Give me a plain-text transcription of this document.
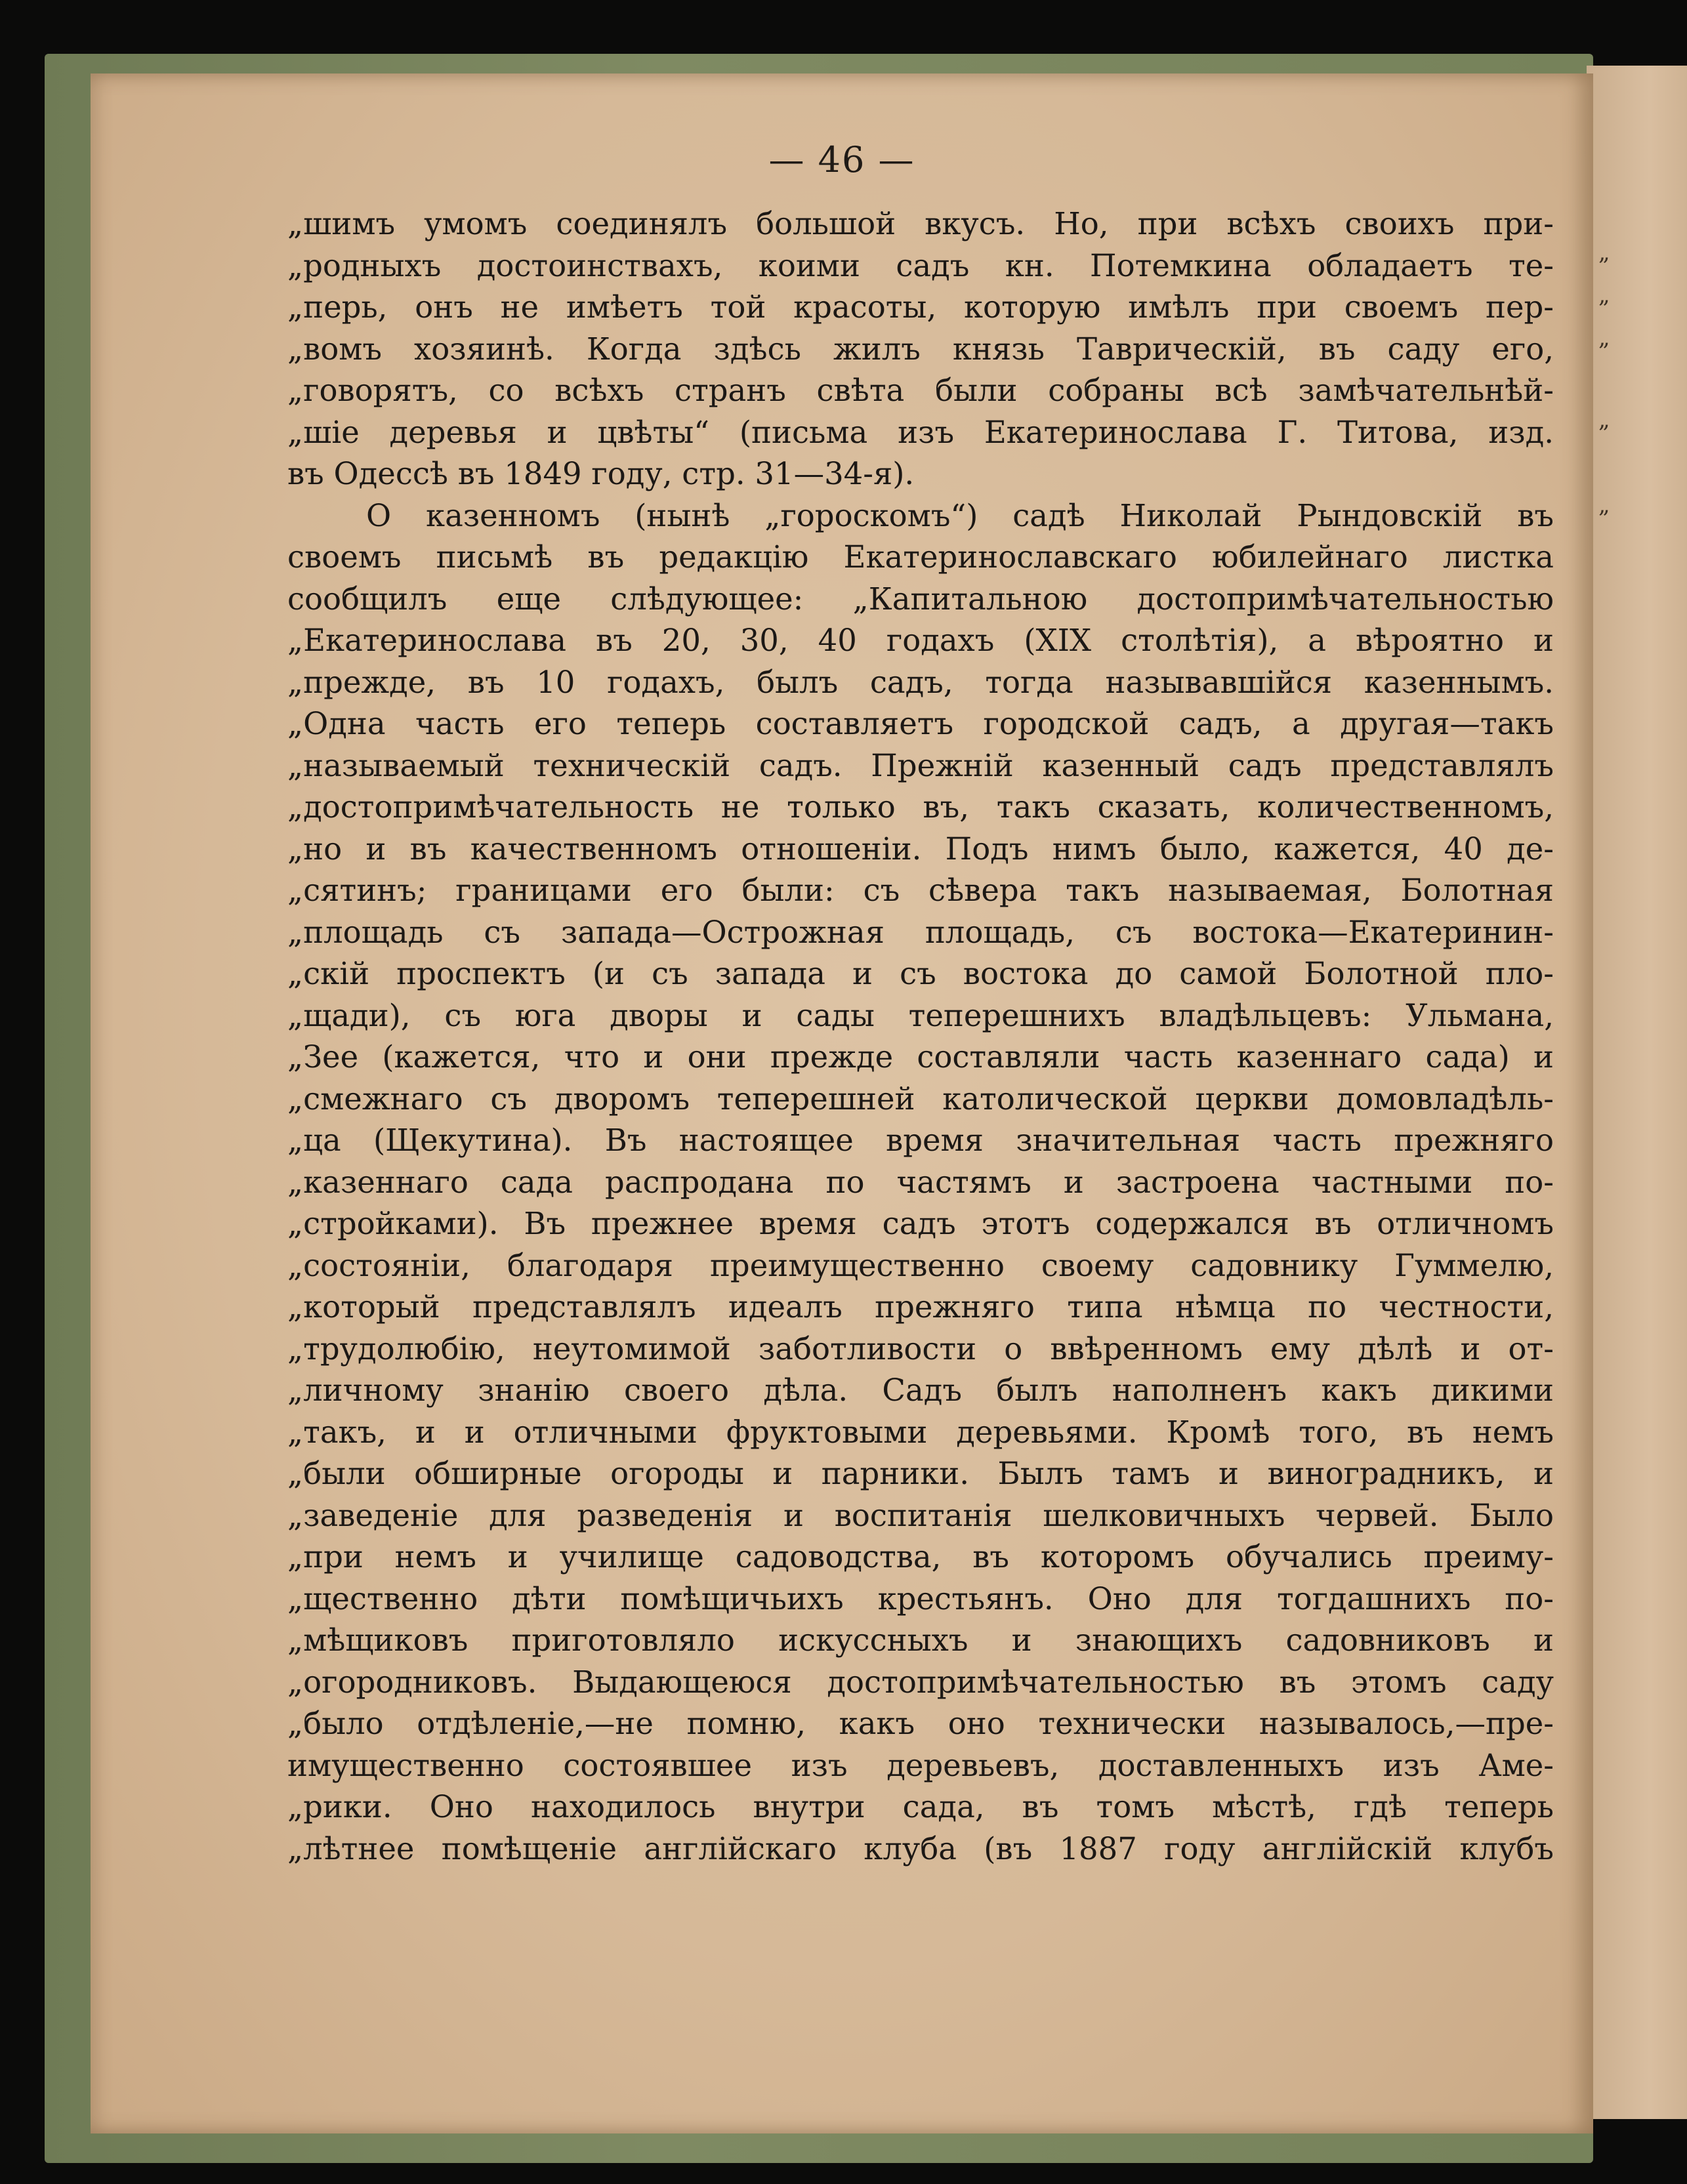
„
„
„
„
„
— 46 —
„шимъ умомъ соединялъ большой вкусъ. Но, при всѣхъ своихъ при-
„родныхъ достоинствахъ, коими садъ кн. Потемкина обладаетъ те-
„перь, онъ не имѣетъ той красоты, которую имѣлъ при своемъ пер-
„вомъ хозяинѣ. Когда здѣсь жилъ князь Таврическій, въ саду его,
„говорятъ, со всѣхъ странъ свѣта были собраны всѣ замѣчательнѣй-
„шіе деревья и цвѣты“ (письма изъ Екатеринослава Г. Титова, изд.
въ Одессѣ въ 1849 году, стр. 31—34-я).
О казенномъ (нынѣ „гороскомъ“) садѣ Николай Рындовскій въ
своемъ письмѣ въ редакцію Екатеринославскаго юбилейнаго листка
сообщилъ еще слѣдующее: „Капитальною достопримѣчательностью
„Екатеринослава въ 20, 30, 40 годахъ (XIX столѣтія), а вѣроятно и
„прежде, въ 10 годахъ, былъ садъ, тогда называвшійся казеннымъ.
„Одна часть его теперь составляетъ городской садъ, а другая—такъ
„называемый техническій садъ. Прежній казенный садъ представлялъ
„достопримѣчательность не только въ, такъ сказать, количественномъ,
„но и въ качественномъ отношеніи. Подъ нимъ было, кажется, 40 де-
„сятинъ; границами его были: съ сѣвера такъ называемая, Болотная
„площадь съ запада—Острожная площадь, съ востока—Екатеринин-
„скій проспектъ (и съ запада и съ востока до самой Болотной пло-
„щади), съ юга дворы и сады теперешнихъ владѣльцевъ: Ульмана,
„Зее (кажется, что и они прежде составляли часть казеннаго сада) и
„смежнаго съ дворомъ теперешней католической церкви домовладѣль-
„ца (Щекутина). Въ настоящее время значительная часть прежняго
„казеннаго сада распродана по частямъ и застроена частными по-
„стройками). Въ прежнее время садъ этотъ содержался въ отличномъ
„состояніи, благодаря преимущественно своему садовнику Гуммелю,
„который представлялъ идеалъ прежняго типа нѣмца по честности,
„трудолюбію, неутомимой заботливости о ввѣренномъ ему дѣлѣ и от-
„личному знанію своего дѣла. Садъ былъ наполненъ какъ дикими
„такъ, и и отличными фруктовыми деревьями. Кромѣ того, въ немъ
„были обширные огороды и парники. Былъ тамъ и виноградникъ, и
„заведеніе для разведенія и воспитанія шелковичныхъ червей. Было
„при немъ и училище садоводства, въ которомъ обучались преиму-
„щественно дѣти помѣщичьихъ крестьянъ. Оно для тогдашнихъ по-
„мѣщиковъ приготовляло искуссныхъ и знающихъ садовниковъ и
„огородниковъ. Выдающеюся достопримѣчательностью въ этомъ саду
„было отдѣленіе,—не помню, какъ оно технически называлось,—пре-
имущественно состоявшее изъ деревьевъ, доставленныхъ изъ Аме-
„рики. Оно находилось внутри сада, въ томъ мѣстѣ, гдѣ теперь
„лѣтнее помѣщеніе англійскаго клуба (въ 1887 году англійскій клубъ
